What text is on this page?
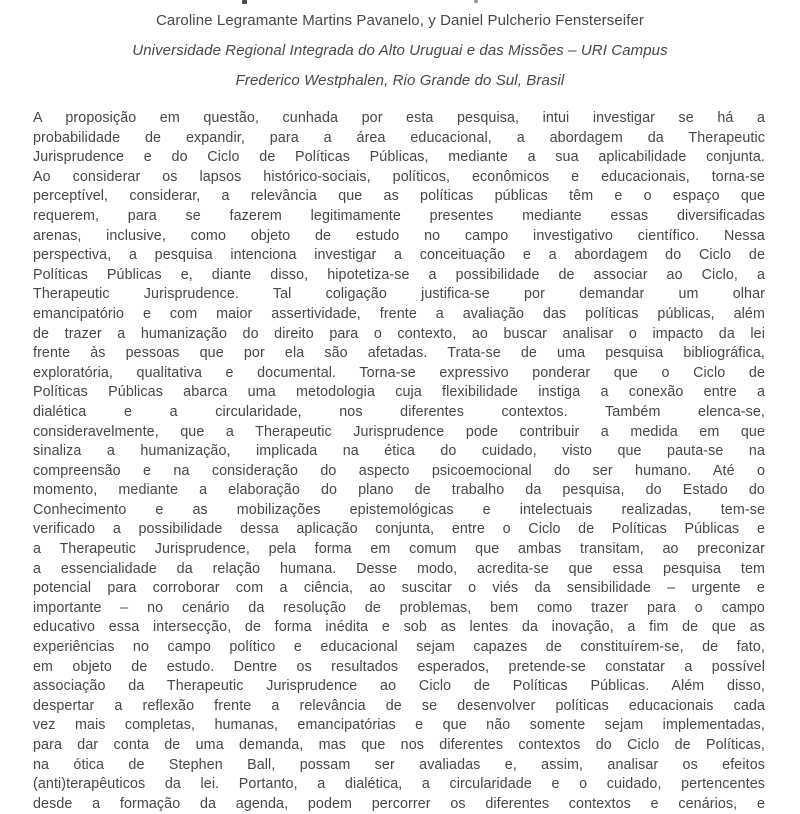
Caroline Legramante Martins Pavanelo, y Daniel Pulcherio Fensterseifer
Universidade Regional Integrada do Alto Uruguai e das Missões – URI Campus
Frederico Westphalen, Rio Grande do Sul, Brasil
A proposição em questão, cunhada por esta pesquisa, intui investigar se há a
probabilidade de expandir, para a área educacional, a abordagem da Therapeutic
Jurisprudence e do Ciclo de Políticas Públicas, mediante a sua aplicabilidade conjunta.
Ao considerar os lapsos histórico-sociais, políticos, econômicos e educacionais, torna-se
perceptível, considerar, a relevância que as políticas públicas têm e o espaço que
requerem, para se fazerem legitimamente presentes mediante essas diversificadas
arenas, inclusive, como objeto de estudo no campo investigativo científico. Nessa
perspectiva, a pesquisa intenciona investigar a conceituação e a abordagem do Ciclo de
Políticas Públicas e, diante disso, hipotetiza-se a possibilidade de associar ao Ciclo, a
Therapeutic Jurisprudence. Tal coligação justifica-se por demandar um olhar
emancipatório e com maior assertividade, frente a avaliação das políticas públicas, além
de trazer a humanização do direito para o contexto, ao buscar analisar o impacto da lei
frente às pessoas que por ela são afetadas. Trata-se de uma pesquisa bibliográfica,
exploratória, qualitativa e documental. Torna-se expressivo ponderar que o Ciclo de
Políticas Públicas abarca uma metodologia cuja flexibilidade instiga a conexão entre a
dialética e a circularidade, nos diferentes contextos. Também elenca-se,
consideravelmente, que a Therapeutic Jurisprudence pode contribuir a medida em que
sinaliza a humanização, implicada na ética do cuidado, visto que pauta-se na
compreensão e na consideração do aspecto psicoemocional do ser humano. Até o
momento, mediante a elaboração do plano de trabalho da pesquisa, do Estado do
Conhecimento e as mobilizações epistemológicas e intelectuais realizadas, tem-se
verificado a possibilidade dessa aplicação conjunta, entre o Ciclo de Políticas Públicas e
a Therapeutic Jurisprudence, pela forma em comum que ambas transitam, ao preconizar
a essencialidade da relação humana. Desse modo, acredita-se que essa pesquisa tem
potencial para corroborar com a ciência, ao suscitar o viés da sensibilidade – urgente e
importante – no cenário da resolução de problemas, bem como trazer para o campo
educativo essa intersecção, de forma inédita e sob as lentes da inovação, a fim de que as
experiências no campo político e educacional sejam capazes de constituírem-se, de fato,
em objeto de estudo. Dentre os resultados esperados, pretende-se constatar a possível
associação da Therapeutic Jurisprudence ao Ciclo de Políticas Públicas. Além disso,
despertar a reflexão frente a relevância de se desenvolver políticas educacionais cada
vez mais completas, humanas, emancipatórias e que não somente sejam implementadas,
para dar conta de uma demanda, mas que nos diferentes contextos do Ciclo de Políticas,
na ótica de Stephen Ball, possam ser avaliadas e, assim, analisar os efeitos
(anti)terapêuticos da lei. Portanto, a dialética, a circularidade e o cuidado, pertencentes
desde a formação da agenda, podem percorrer os diferentes contextos e cenários, e
